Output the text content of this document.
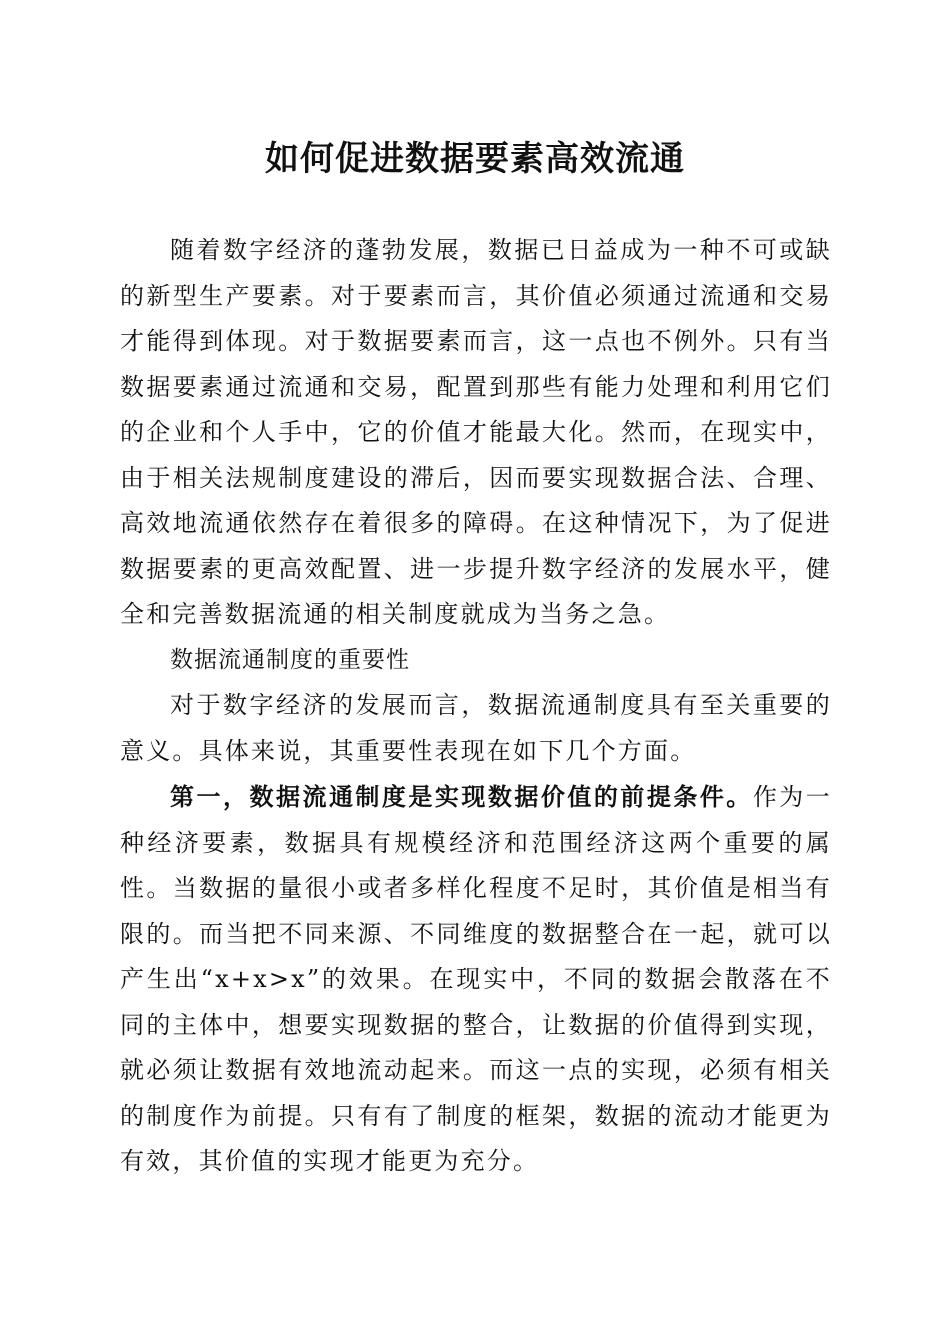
如何促进数据要素高效流通

随着数字经济的蓬勃发展，数据已日益成为一种不可或缺的新型生产要素。对于要素而言，其价值必须通过流通和交易才能得到体现。对于数据要素而言，这一点也不例外。只有当数据要素通过流通和交易，配置到那些有能力处理和利用它们的企业和个人手中，它的价值才能最大化。然而，在现实中，由于相关法规制度建设的滞后，因而要实现数据合法、合理、高效地流通依然存在着很多的障碍。在这种情况下，为了促进数据要素的更高效配置、进一步提升数字经济的发展水平，健全和完善数据流通的相关制度就成为当务之急。

数据流通制度的重要性

对于数字经济的发展而言，数据流通制度具有至关重要的意义。具体来说，其重要性表现在如下几个方面。

第一，数据流通制度是实现数据价值的前提条件。作为一种经济要素，数据具有规模经济和范围经济这两个重要的属性。当数据的量很小或者多样化程度不足时，其价值是相当有限的。而当把不同来源、不同维度的数据整合在一起，就可以产生出“x+x>x”的效果。在现实中，不同的数据会散落在不同的主体中，想要实现数据的整合，让数据的价值得到实现，就必须让数据有效地流动起来。而这一点的实现，必须有相关的制度作为前提。只有有了制度的框架，数据的流动才能更为有效，其价值的实现才能更为充分。
